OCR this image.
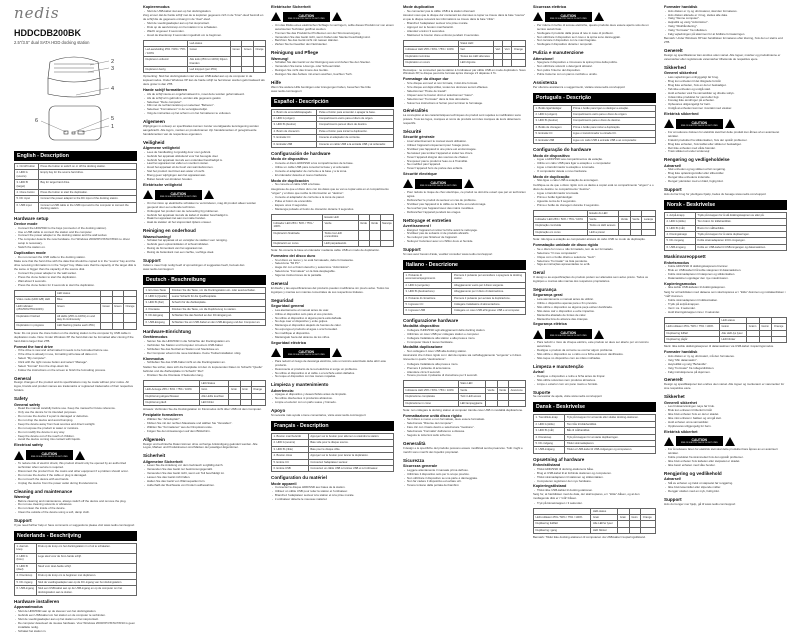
nedis
HDDCDB200BK
2.5"/3.5" dual SATA HDD docking station
2
3
4
5
1
6
English - Description
1. On/off button	Press the button to switch on or off the docking station.
2. HDD A (source)	Empty bay for the source hard drive.
3. HDD B (target)	Bay for target hard drive.
4. Clone button	Press the button to start the duplication.
5. DC input	Connect the power adaptor to the DC input of the docking station.
6. USB input	Connect a USB cable to the USB input and to the computer to connect the docking station.
Hardware setup
Device mode
- Connect the HDD/SSD to the bays (connector of the docking station).
- Use a USB cable to connect the station and the computer.
- Connect the power adapter to the docking station and the wall socket.
- The computer detects the new hardware. For Windows 2000/XP/VISTA/7/8/10 no driver setup is necessary.
- Switch the station on.
Duplication mode
- Do not connect the USB cable to the docking station.
Make sure that the hard drive with the data that should be copied is in the "source" bay and the drive receiving information is in the "target" bay. Make sure that the capacity of the target disk is the same or bigger than the capacity of the source disk.
- Connect the power adapter to the wall socket.
- Press the clone button to start the duplication.
- Wait about 3 seconds.
- Press the clone button for 3 seconds to start the duplication.
	LED status			
Video mode (HDD A/B) LED	Blue			
LED indicator (25%/50%/75%/100%)	Green	Green	Green	Orange
Duplication finished	All LEDs (25% to 100%) on and stay lit continuously			
Duplication in progress	LED flashing (tracks each 25%)			
Note: Do not press the clone button on the docking station to the computer by USB cable in duplication mode. Note: Under Windows XP the hard disk can be formatted after cloning if the hard disk is larger than 2TB.
Format the hard drive
- If the drive is new and unformatted it needs to be formatted before use.
- If the drive is already in use, formatting will erase all data on it.
- Select "My computer".
- Click with the right mouse button and select "Manage".
- Select "Format" from the drop-down list.
- Follow the instructions on the screen to finish the formatting process.
General
Design changes of the product and its specifications may be made without prior notice. All logos, brands and product names are trademarks or registered trademarks of their respective holders.
Safety
General safety
- Read the manual carefully before use. Keep the manual for future reference.
- Only use the device for its intended purposes.
- Do not use the device if a part is damaged or defective.
- Do not drop the device and avoid bumping.
- Keep the device away from heat sources and direct sunlight.
- Do not expose the product to water or moisture.
- Do not modify the device in any way.
- Keep the device out of the reach of children.
- Avoid the device coming into contact with liquids.
Electrical safety
CAUTION
RISK OF ELECTRIC SHOCK DO NOT OPEN
- To reduce risk of electric shock, this product should only be opened by an authorized technician when service is required.
- Disconnect the product from the mains and other equipment if a problem should occur.
- Do not use the device if the cable or plug is damaged.
- Do not touch the device with wet hands.
- Unplug the device from the power outlet during thunderstorms.
Cleaning and maintenance
Warning!
- Before cleaning and maintenance, always switch off the device and remove the plug.
- Do not use cleaning solvents or abrasives.
- Do not clean the inside of the device.
- Clean the outside of the device using a soft, damp cloth.
Support
If you need further help or have comments or suggestions please visit www.nedis.com/support
Nederlands - Beschrijving
1. Aan/uit-knop	Druk op de knop om het dockingstation in of uit te schakelen.
2. HDD A (bron)	Lege sleuf voor de bron-harde schijf.
3. HDD B (doel)	Sleuf voor doel-harde schijf.
4. Kloonknop	Druk op de knop om te beginnen met dupliceren.
5. DC-ingang	Sluit de voedingsadapter aan op de DC-ingang van het dockingstation.
6. USB-ingang	Sluit een USB-kabel aan op de USB-ingang en op de computer om het dockingstation aan te sluiten.
Hardware installeren
Apparaatmodus
- Sluit de HDD/SSD aan op de sleuven van het dockingstation.
- Gebruik een USB-kabel om het station en de computer te verbinden.
- Sluit de voedingsadapter aan op het station en het stopcontact.
- De computer detecteert de nieuwe hardware. Voor Windows 2000/XP/VISTA/7/8/10 is geen installatie nodig.
- Schakel het station in.
Kopieermodus
- Sluit de USB-kabel niet aan op het dockingstation.
Zorg ervoor dat de harde schijf met de te kopiëren gegevens zich in de "bron"-sleuf bevindt en de schijf die de gegevens ontvangt in de "doel"-sleuf.
- Sluit de voedingsadapter aan op het stopcontact.
- Druk op de aan/uit-knop om het station in te schakelen.
- Wacht ongeveer 3 seconden.
- Houd de kloonknop 3 seconden ingedrukt om te beginnen.
	Led-status			
Led-aanduiding 25% / 50% / 75% / 100%	Groen	Groen	Groen	Oranje
Dupliceren voltooid	Alle leds (25% tot 100%) blijven branden			
Dupliceren bezig	Led knippert (per 25%)			
Opmerking: Sluit het dockingstation niet via een USB-kabel aan op de computer in de kopieermodus. Onder Windows XP kan de harde schijf na het klonen worden geformatteerd als deze groter is dan 2TB.
Harde schijf formatteren
- Als de schijf nieuw en ongeformatteerd is, moet deze worden geformatteerd.
- Als de schijf al in gebruik is, worden alle gegevens gewist.
- Selecteer "Deze computer".
- Klik met de rechtermuisknop en selecteer "Beheren".
- Selecteer "Formatteren" in de vervolgkeuzelijst.
- Volg de instructies op het scherm om het formatteren te voltooien.
Algemeen
Wijzigingen in ontwerp en specificaties kunnen zonder voorafgaande kennisgeving worden aangebracht. Alle logo's, merken en productnamen zijn handelsmerken of geregistreerde handelsmerken van de respectieve eigenaren.
Veiligheid
Algemene veiligheid
- Lees de handleiding zorgvuldig door voor gebruik.
- Gebruik het apparaat uitsluitend voor het beoogde doel.
- Gebruik het apparaat niet als een onderdeel beschadigd is.
- Laat het apparaat niet vallen en voorkom stoten.
- Houd het apparaat uit de buurt van warmtebronnen.
- Stel het product niet bloot aan water of vocht.
- Breng geen wijzigingen aan het apparaat aan.
- Buiten bereik van kinderen houden.
Elektrische veiligheid
CAUTION
RISK OF ELECTRIC SHOCK DO NOT OPEN
- Om het risico op elektrische schokken te verminderen, mag dit product alleen worden geopend door een erkende technicus.
- Ontkoppel het product van de netvoeding bij problemen.
- Gebruik het apparaat niet als de kabel of stekker beschadigd is.
- Raak het apparaat niet aan met natte handen.
- Haal de stekker uit het stopcontact tijdens onweer.
Reiniging en onderhoud
Waarschuwing!
- Schakel het apparaat uit en verwijder de stekker voor reiniging.
- Gebruik geen oplosmiddelen of schuurmiddelen.
- Reinig de binnenkant van het apparaat niet.
- Reinig de buitenkant met een zachte, vochtige doek.
Support
Indien u meer hulp nodig heeft of opmerkingen of suggesties heeft, bezoek dan www.nedis.com/support
Deutsch - Beschreibung
1. Ein-/Aus-Taste	Drücken Sie die Taste, um die Dockingstation ein- oder auszuschalten.
2. HDD A (Quelle)	Leerer Schacht für die Quellfestplatte.
3. HDD B (Ziel)	Schacht für die Zielfestplatte.
4. Klontaste	Drücken Sie die Taste, um die Duplizierung zu starten.
5. DC-Eingang	Schließen Sie das Netzteil an den DC-Eingang an.
6. USB-Eingang	Schließen Sie ein USB-Kabel an den USB-Eingang und den Computer an.
Hardware-Einrichtung
Gerätemodus
- Setzen Sie die HDD/SSD in die Schächte der Dockingstation ein.
- Verbinden Sie Station und Computer mit einem USB-Kabel.
- Schließen Sie das Netzteil an Station und Steckdose an.
- Der Computer erkennt die neue Hardware. Keine Treiberinstallation nötig.
Klonmodus
- Schließen Sie das USB-Kabel nicht an die Dockingstation an.
Stellen Sie sicher, dass sich die Festplatte mit den zu kopierenden Daten im Schacht "Quelle" befindet und die Zielfestplatte im Schacht "Ziel".
- Drücken Sie die Klontaste 3 Sekunden lang.
	LED-Status			
LED-Anzeige 25% / 50% / 75% / 100%	Grün	Grün	Grün	Orange
Duplizierung abgeschlossen	Alle LEDs leuchten			
Duplizierung läuft	LED blinkt			
Hinweis: Verbinden Sie die Dockingstation im Klonmodus nicht über USB mit dem Computer.
Festplatte formatieren
- Wählen Sie "Arbeitsplatz".
- Klicken Sie mit der rechten Maustaste und wählen Sie "Verwalten".
- Wählen Sie "Formatieren" aus der Dropdown-Liste.
- Folgen Sie den Anweisungen auf dem Bildschirm.
Allgemein
Design und technische Daten können ohne vorherige Ankündigung geändert werden. Alle Logos, Marken und Produktnamen sind Marken der jeweiligen Eigentümer.
Sicherheit
Allgemeine Sicherheit
- Lesen Sie die Anleitung vor dem Gebrauch sorgfältig durch.
- Verwenden Sie das Gerät nur bestimmungsgemäß.
- Verwenden Sie das Gerät nicht, wenn ein Teil beschädigt ist.
- Lassen Sie das Gerät nicht fallen.
- Halten Sie das Gerät von Wärmequellen fern.
- Außerhalb der Reichweite von Kindern aufbewahren.
Elektrische Sicherheit
CAUTION
RISK OF ELECTRIC SHOCK DO NOT OPEN
- Um das Risiko eines elektrischen Schlags zu verringern, sollte dieses Produkt nur von einem autorisierten Techniker geöffnet werden.
- Trennen Sie das Produkt bei Problemen von der Stromversorgung.
- Verwenden Sie das Gerät nicht, wenn Kabel oder Stecker beschädigt sind.
- Berühren Sie das Gerät nicht mit nassen Händen.
- Ziehen Sie bei Gewitter den Netzstecker.
Reinigung und Pflege
Warnung!
- Schalten Sie das Gerät vor der Reinigung aus und ziehen Sie den Stecker.
- Verwenden Sie keine Lösungs- oder Scheuermittel.
- Reinigen Sie nicht das Innere des Geräts.
- Reinigen Sie das Äußere mit einem weichen, feuchten Tuch.
Hilfe
Wenn Sie weitere Hilfe benötigen oder Anregungen haben, besuchen Sie bitte www.nedis.com/support
Español - Descripción
1. Botón de encendido/apagado	Pulse el botón para encender o apagar la base.
2. HDD A (origen)	Compartimento vacío para el disco de origen.
3. HDD B (destino)	Compartimento para el disco de destino.
4. Botón de clonación	Pulse el botón para iniciar la duplicación.
5. Entrada CC	Conecte el adaptador de corriente.
6. Entrada USB	Conecte un cable USB a la entrada USB y al ordenador.
Configuración de hardware
Modo de dispositivo
- Conecte el disco HDD/SSD a los compartimentos de la base.
- Utilice un cable USB para conectar la base y el ordenador.
- Conecte el adaptador de corriente a la base y a la toma.
- El ordenador detecta el nuevo hardware.
Modo de duplicación
- No conecte el cable USB a la base.
Asegúrese de que el disco duro con los datos que se van a copiar está en el compartimento "origen" y el disco que recibe la información en "destino".
- Conecte el adaptador de corriente a la toma de pared.
- Pulse el botón de encendido.
- Espere unos 3 segundos.
- Mantenga pulsado el botón de clonación durante 3 segundos.
	Estado LED			
Indicador LED 25% / 50% / 75% / 100%	Verde	Verde	Verde	Naranja
Duplicación finalizada	Todos los LED encendidos			
Duplicación en curso	LED parpadeando			
Nota: No conecte la base al ordenador mediante cable USB en modo de duplicación.
Formateo del disco duro
- Si el disco es nuevo y no está formateado, debe formatearse.
- Seleccione "Mi PC".
- Haga clic con el botón derecho y seleccione "Administrar".
- Seleccione "Formatear" en la lista desplegable.
- Siga las instrucciones de la pantalla.
General
El diseño y las especificaciones del producto pueden modificarse sin previo aviso. Todos los logotipos y marcas son marcas comerciales de sus respectivos titulares.
Seguridad
Seguridad general
- Lea atentamente el manual antes de usar.
- Utilice el dispositivo solo para el uso previsto.
- No utilice el dispositivo si alguna pieza está dañada.
- No deje caer el dispositivo y evite golpes.
- Mantenga el dispositivo alejado de fuentes de calor.
- No exponga el producto al agua o a la humedad.
- No modifique el dispositivo.
- Manténgalo fuera del alcance de los niños.
Seguridad eléctrica
CAUTION
RISK OF ELECTRIC SHOCK DO NOT OPEN
- Para reducir el riesgo de descarga eléctrica, solo un técnico autorizado debe abrir este producto.
- Desconecte el producto de la red eléctrica si surge un problema.
- No utilice el dispositivo si el cable o el enchufe están dañados.
- No toque el dispositivo con las manos mojadas.
Limpieza y mantenimiento
Advertencia:
- Apague el dispositivo y desenchúfelo antes de limpiarlo.
- No utilice disolventes ni productos abrasivos.
- Limpie el exterior con un paño suave y húmedo.
Apoyo
Si necesita más ayuda o tiene comentarios, visite www.nedis.com/support
Français - Description
1. Bouton marche/arrêt	Appuyez sur le bouton pour allumer ou éteindre la station.
2. HDD A (source)	Baie vide pour le disque source.
3. HDD B (cible)	Baie pour le disque cible.
4. Bouton clone	Appuyez sur le bouton pour lancer la duplication.
5. Entrée CC	Connectez l'adaptateur secteur.
6. Entrée USB	Connectez un câble USB à l'entrée USB et à l'ordinateur.
Configuration du matériel
Mode appareil
- Connectez le disque HDD/SSD aux baies de la station.
- Utilisez un câble USB pour relier la station et l'ordinateur.
- Branchez l'adaptateur secteur à la station et à la prise murale.
- L'ordinateur détecte le nouveau matériel.
Mode duplication
- Ne connectez pas le câble USB à la station d'accueil.
Assurez-vous que le disque dur contenant les données à copier se trouve dans la baie "source" et que le disque recevant les informations se trouve dans la baie "cible".
- Branchez l'adaptateur secteur à la prise murale.
- Appuyez sur le bouton marche/arrêt.
- Attendez environ 3 secondes.
- Maintenez le bouton clone enfoncé pendant 3 secondes.
	Statut LED			
Indicateur LED 25% / 50% / 75% / 100%	Vert	Vert	Vert	Orange
Duplication terminée	Toutes les LED allumées			
Duplication en cours	LED clignote			
Remarque : ne connectez pas la station à l'ordinateur par câble USB en mode duplication. Sous Windows XP, le disque peut être formaté après clonage s'il dépasse 2 To.
Formatage du disque dur
- Si le disque est neuf et non formaté, il doit être formaté.
- Si le disque est déjà utilisé, toutes les données seront effacées.
- Sélectionnez "Poste de travail".
- Cliquez avec le bouton droit et sélectionnez "Gérer".
- Sélectionnez "Formater" dans la liste déroulante.
- Suivez les instructions à l'écran pour terminer le formatage.
Généralités
La conception et les caractéristiques techniques du produit sont sujettes à modification sans préavis. Tous les logos, marques et noms de produits sont des marques de leurs détenteurs respectifs.
Sécurité
Sécurité générale
- Lisez attentivement le manuel avant utilisation.
- Utilisez l'appareil uniquement pour l'usage prévu.
- N'utilisez pas l'appareil si une pièce est endommagée.
- Ne laissez pas tomber l'appareil et évitez les chocs.
- Tenez l'appareil éloigné des sources de chaleur.
- N'exposez pas le produit à l'eau ou à l'humidité.
- Ne modifiez pas l'appareil.
- Tenez l'appareil hors de portée des enfants.
Sécurité électrique
CAUTION
RISK OF ELECTRIC SHOCK DO NOT OPEN
- Pour réduire le risque de choc électrique, ce produit ne doit être ouvert que par un technicien agréé.
- Débranchez le produit du secteur en cas de problème.
- N'utilisez pas l'appareil si le câble ou la fiche est endommagé.
- Ne touchez pas l'appareil avec des mains mouillées.
- Débranchez l'appareil pendant les orages.
Nettoyage et entretien
Avertissement !
- Éteignez l'appareil et retirez la fiche avant le nettoyage.
- N'utilisez pas de solvants ni de produits abrasifs.
- Ne nettoyez pas l'intérieur de l'appareil.
- Nettoyez l'extérieur avec un chiffon doux et humide.
Support
Si vous avez besoin d'aide, veuillez consulter www.nedis.com/support
Italiano - Descrizione
1. Pulsante di accensione/spegnimento	Premere il pulsante per accendere o spegnere la docking station.
2. HDD A (sorgente)	Alloggiamento vuoto per il disco sorgente.
3. HDD B (destinazione)	Alloggiamento per il disco di destinazione.
4. Pulsante di clonazione	Premere il pulsante per avviare la duplicazione.
5. Ingresso CC	Collegare l'adattatore di alimentazione.
6. Ingresso USB	Collegare un cavo USB all'ingresso USB e al computer.
Configurazione hardware
Modalità dispositivo
- Collegare l'HDD/SSD agli alloggiamenti della docking station.
- Utilizzare un cavo USB per collegare station e computer.
- Collegare l'adattatore alla station e alla presa a muro.
- Il computer rileva il nuovo hardware.
Modalità duplicazione
- Non collegare il cavo USB alla docking station.
Assicurarsi che il disco rigido con i dati da copiare sia nell'alloggiamento "sorgente" e il disco ricevente in quello "destinazione".
- Collegare l'adattatore alla presa a muro.
- Premere il pulsante di accensione.
- Attendere circa 3 secondi.
- Tenere premuto il pulsante di clonazione per 3 secondi.
	Stato LED			
Indicatore LED 25% / 50% / 75% / 100%	Verde	Verde	Verde	Arancione
Duplicazione completata	Tutti i LED accesi			
Duplicazione in corso	LED lampeggiante			
Nota: non collegare la docking station al computer tramite cavo USB in modalità duplicazione.
Formattazione unità disco rigido
- Se il disco è nuovo e non formattato, deve essere formattato.
- Selezionare "Risorse del computer".
- Fare clic con il tasto destro e selezionare "Gestione".
- Selezionare "Formatta" dall'elenco a discesa.
- Seguire le istruzioni sullo schermo.
Generalità
Il design e le specifiche del prodotto possono essere modificati senza preavviso. Tutti i loghi e marchi sono marchi dei rispettivi proprietari.
Sicurezza
Sicurezza generale
- Leggere attentamente il manuale prima dell'uso.
- Utilizzare il dispositivo solo per lo scopo previsto.
- Non utilizzare il dispositivo se una parte è danneggiata.
- Non far cadere il dispositivo ed evitare urti.
- Tenere lontano dalla portata dei bambini.
Sicurezza elettrica
CAUTION
RISK OF ELECTRIC SHOCK DO NOT OPEN
- Per ridurre il rischio di scosse elettriche, questo prodotto deve essere aperto solo da un tecnico autorizzato.
- Scollegare il prodotto dalla presa di rete in caso di problemi.
- Non utilizzare il dispositivo se il cavo o la spina sono danneggiati.
- Non toccare il dispositivo con le mani bagnate.
- Scollegare il dispositivo durante i temporali.
Pulizia e manutenzione
Attenzione!
- Spegnere il dispositivo e rimuovere la spina prima della pulizia.
- Non utilizzare solventi o detergenti abrasivi.
- Non pulire l'interno del dispositivo.
- Pulire l'esterno con un panno morbido e umido.
Assistenza
Per ulteriore assistenza o suggerimenti, visitare www.nedis.com/support
Português - Descrição
1. Botão ligar/desligar	Prima o botão para ligar ou desligar a estação.
2. HDD A (origem)	Compartimento vazio para o disco de origem.
3. HDD B (destino)	Compartimento para o disco de destino.
4. Botão de clonagem	Prima o botão para iniciar a duplicação.
5. Entrada CC	Ligue o transformador à entrada CC.
6. Entrada USB	Ligue um cabo USB à entrada USB e ao computador.
Configuração do hardware
Modo de dispositivo
- Ligue o HDD/SSD aos compartimentos da estação.
- Utilize um cabo USB para ligar a estação e o computador.
- Ligue o transformador à estação e à tomada.
- O computador deteta o novo hardware.
Modo de duplicação
- Não ligue o cabo USB à estação de ancoragem.
Certifique-se de que o disco rígido com os dados a copiar está no compartimento "origem" e o disco de destino no compartimento "destino".
- Ligue o transformador à tomada.
- Prima o botão ligar/desligar.
- Aguarde cerca de 3 segundos.
- Prima o botão de clonagem durante 3 segundos.
	Estado do LED			
Indicador LED 25% / 50% / 75% / 100%	Verde	Verde	Verde	Laranja
Duplicação concluída	Todos os LED acesos			
Duplicação em curso	LED a piscar			
Nota: não ligue a estação ao computador através do cabo USB no modo de duplicação.
Formatação unidade de disco rígido
- Se o disco for novo e não formatado, tem de ser formatado.
- Selecione "O meu computador".
- Clique com o botão direito e selecione "Gerir".
- Selecione "Formatar" na lista pendente.
- Siga as instruções apresentadas no ecrã.
Geral
O design e as especificações do produto podem ser alterados sem aviso prévio. Todos os logótipos e marcas são marcas dos respetivos proprietários.
Segurança
Segurança geral
- Leia atentamente o manual antes de utilizar.
- Utilize o dispositivo apenas para o fim previsto.
- Não utilize o dispositivo se alguma peça estiver danificada.
- Não deixe cair o dispositivo e evite impactos.
- Mantenha afastado de fontes de calor.
- Mantenha fora do alcance das crianças.
Segurança elétrica
CAUTION
RISK OF ELECTRIC SHOCK DO NOT OPEN
- Para reduzir o risco de choque elétrico, este produto só deve ser aberto por um técnico autorizado.
- Desligue o produto da corrente se ocorrer algum problema.
- Não utilize o dispositivo se o cabo ou a ficha estiverem danificados.
- Não toque no dispositivo com as mãos molhadas.
Limpeza e manutenção
Aviso!
- Desligue o dispositivo e retire a ficha antes de limpar.
- Não utilize solventes nem produtos abrasivos.
- Limpe o exterior com um pano macio e húmido.
Suporte
Se necessitar de ajuda, visite www.nedis.com/support
Dansk - Beskrivelse
1. Tænd/sluk-knap	Tryk på knappen for at tænde eller slukke docking-stationen.
2. HDD A (kilde)	Tom bås til kildeharddisk.
3. HDD B (mål)	Bås til målharddisk.
4. Kloneknap	Tryk på knappen for at starte duplikeringen.
5. DC-indgang	Tilslut strømadapteren.
6. USB-indgang	Tilslut et USB-kabel til USB-indgangen og computeren.
Opsætning af hardware
Enhedstilstand
- Tilslut HDD/SSD til docking-stationens båse.
- Brug et USB-kabel til at forbinde stationen og computeren.
- Tilslut strømadapteren til stationen og stikkontakten.
- Computeren registrerer den nye hardware.
Kopieringstilstand
- Tilslut ikke USB-kablet til docking-stationen.
Sørg for, at harddisken med de data, der skal kopieres, er i "kilde"-båsen, og at den modtagende disk er i "mål"-båsen.
- Tryk på kloneknappen i 3 sekunder.
	LED-status			
LED-indikator 25% / 50% / 75% / 100%	Grøn	Grøn	Grøn	Orange
Duplikering fuldført	Alle LED'er lyser			
Duplikering i gang	LED blinker			
Bemærk: Tilslut ikke docking-stationen til computeren via USB-kabel i kopieringstilstand.
Formater harddisk
- Hvis disken er ny og uformateret, skal den formateres.
- Hvis disken allerede er i brug, slettes alle data.
- Vælg "Denne computer".
- Højreklik og vælg "Administrer".
- Vælg "Diskhåndtering".
- Vælg "Formater" fra rullelisten.
- Følg vejledningen på skærmen for at fuldføre formateringen.
Bemærk: Under Windows XP kan harddisken formateres efter kloning, hvis den er større end 2TB.
Generelt
Design og specifikationer kan ændres uden varsel. Alle logoer, mærker og produktnavne er varemærker eller registrerede varemærker tilhørende de respektive ejere.
Sikkerhed
Generel sikkerhed
- Læs vejledningen omhyggeligt før brug.
- Brug kun enheden til det tilsigtede formål.
- Brug ikke enheden, hvis en del er beskadiget.
- Tab ikke enheden og undgå stød.
- Hold enheden væk fra varmekilder og direkte sollys.
- Udsæt ikke produktet for vand eller fugt.
- Foretag ikke ændringer på enheden.
- Opbevares utilgængeligt for børn.
- Undgå at enheden kommer i kontakt med væsker.
Elektrisk sikkerhed
CAUTION
RISK OF ELECTRIC SHOCK DO NOT OPEN
- For at reducere risikoen for elektrisk stød bør dette produkt kun åbnes af en autoriseret tekniker.
- Frakobl produktet fra stikkontakten, hvis der opstår problemer.
- Brug ikke enheden, hvis kablet eller stikket er beskadiget.
- Rør ikke enheden med våde hænder.
- Træk stikket ud under tordenvejr.
Rengøring og vedligeholdelse
Advarsel!
- Sluk enheden og tag stikket ud før rengøring.
- Brug ikke opløsningsmidler eller slibemidler.
- Rengør ikke enhedens inderside.
- Rengør ydersiden med en blød, fugtig klud.
Support
Hvis du har brug for yderligere hjælp, bedes du besøge www.nedis.com/support
Norsk - Beskrivelse
1. Av/på-knapp	Trykk på knappen for å slå dokkingstasjonen av eller på.
2. HDD A (kilde)	Tom brønn for kildeharddisk.
3. HDD B (mål)	Brønn for målharddisk.
4. Kloningsknapp	Trykk på knappen for å starte dupliseringen.
5. DC-inngang	Koble strømadapteren til DC-inngangen.
6. USB-inngang	Koble en USB-kabel til USB-inngangen og datamaskinen.
Maskinvareoppsett
Enhetsmodus
- Koble HDD/SSD til dokkingstasjonens brønner.
- Bruk en USB-kabel til å koble stasjonen til datamaskinen.
- Koble strømadapteren til stasjonen og stikkontakten.
- Datamaskinen oppdager den nye maskinvaren.
Kopieringsmodus
- Ikke koble USB-kabelen til dokkingstasjonen.
Sørg for at harddisken med dataene som skal kopieres er i "kilde"-brønnen og mottakerdisken i "mål"-brønnen.
- Koble strømadapteren til stikkontakten.
- Trykk på av/på-knappen.
- Vent i ca. 3 sekunder.
- Hold kloningsknappen inne i 3 sekunder.
	LED-status			
LED-indikator 25% / 50% / 75% / 100%	Grønn	Grønn	Grønn	Oransje
Duplisering fullført	Alle LED-lys lyser			
Duplisering pågår	LED blinker			
Merk: Ikke koble dokkingstasjonen til datamaskinen via USB-kabel i kopieringsmodus.
Formater harddisk
- Hvis disken er ny og uformatert, må den formateres.
- Velg "Min datamaskin".
- Høyreklikk og velg "Behandle".
- Velg "Formater" fra rullegardinlisten.
- Følg instruksjonene på skjermen.
Generelt
Design og spesifikasjoner kan endres uten varsel. Alle logoer og merkenavn er varemerker for sine respektive eiere.
Sikkerhet
Generell sikkerhet
- Les bruksanvisningen nøye før bruk.
- Bruk kun enheten til tiltenkt formål.
- Ikke bruk enheten hvis en del er skadet.
- Ikke mist enheten i bakken og unngå støt.
- Hold enheten unna varmekilder.
- Oppbevares utilgjengelig for barn.
Elektrisk sikkerhet
CAUTION
RISK OF ELECTRIC SHOCK DO NOT OPEN
- For å redusere faren for elektrisk støt skal dette produktet bare åpnes av en autorisert tekniker.
- Koble produktet fra strømnettet hvis det oppstår problemer.
- Ikke bruk enheten hvis kabelen eller støpselet er skadet.
- Ikke berør enheten med våte hender.
Rengjøring og vedlikehold
Advarsel!
- Slå av enheten og trekk ut støpselet før rengjøring.
- Ikke bruk løsemidler eller slipende midler.
- Rengjør utsiden med en myk, fuktig klut.
Support
Hvis du trenger mer hjelp, gå til www.nedis.com/support
